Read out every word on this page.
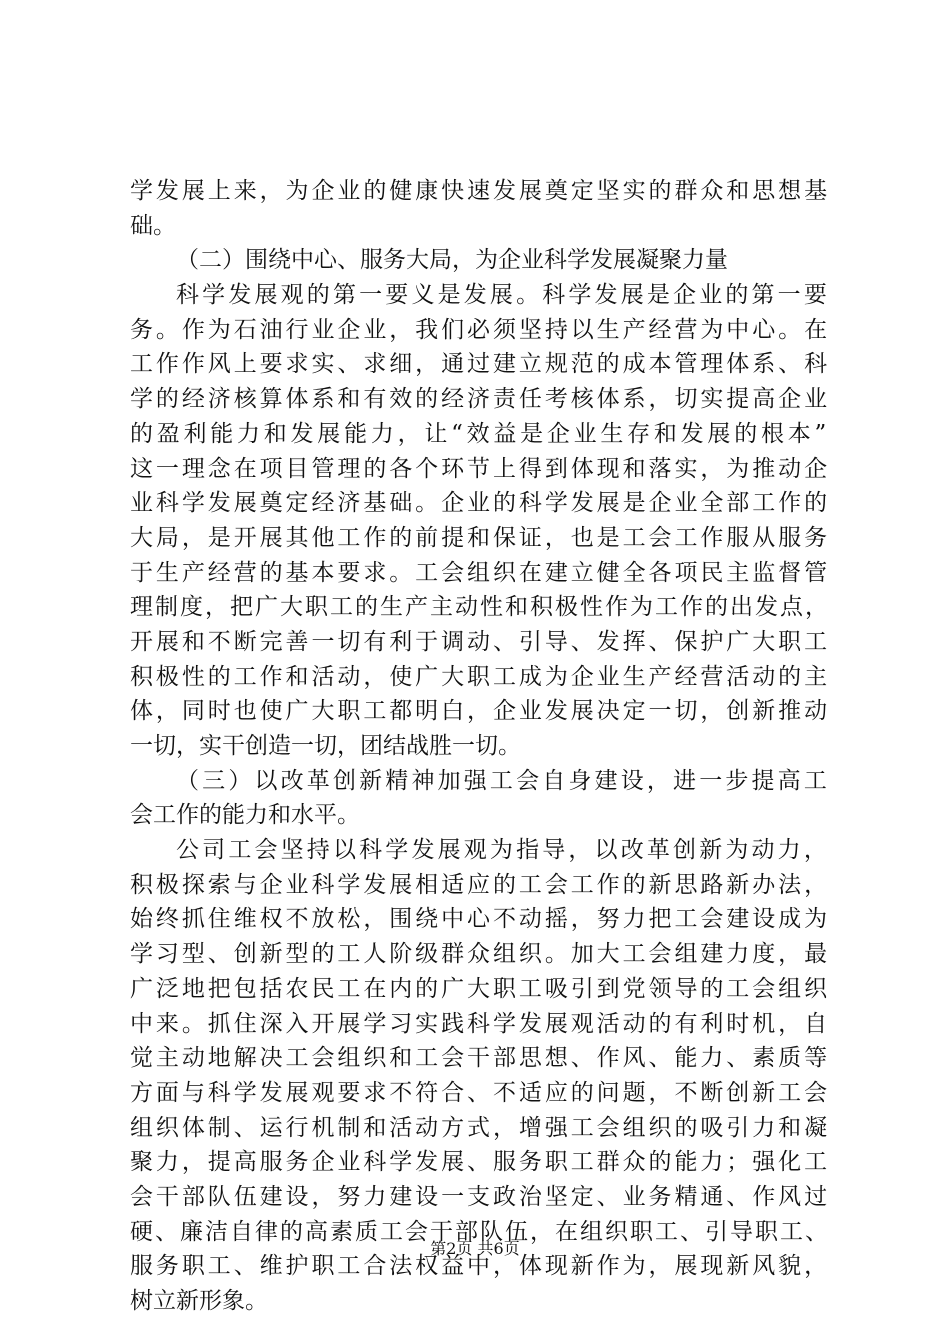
学发展上来，为企业的健康快速发展奠定坚实的群众和思想基
础。
（二）围绕中心、服务大局，为企业科学发展凝聚力量
科学发展观的第一要义是发展。科学发展是企业的第一要
务。作为石油行业企业，我们必须坚持以生产经营为中心。在
工作作风上要求实、求细，通过建立规范的成本管理体系、科
学的经济核算体系和有效的经济责任考核体系，切实提高企业
的盈利能力和发展能力，让“效益是企业生存和发展的根本”
这一理念在项目管理的各个环节上得到体现和落实，为推动企
业科学发展奠定经济基础。企业的科学发展是企业全部工作的
大局，是开展其他工作的前提和保证，也是工会工作服从服务
于生产经营的基本要求。工会组织在建立健全各项民主监督管
理制度，把广大职工的生产主动性和积极性作为工作的出发点，
开展和不断完善一切有利于调动、引导、发挥、保护广大职工
积极性的工作和活动，使广大职工成为企业生产经营活动的主
体，同时也使广大职工都明白，企业发展决定一切，创新推动
一切，实干创造一切，团结战胜一切。
（三）以改革创新精神加强工会自身建设，进一步提高工
会工作的能力和水平。
公司工会坚持以科学发展观为指导，以改革创新为动力，
积极探索与企业科学发展相适应的工会工作的新思路新办法，
始终抓住维权不放松，围绕中心不动摇，努力把工会建设成为
学习型、创新型的工人阶级群众组织。加大工会组建力度，最
广泛地把包括农民工在内的广大职工吸引到党领导的工会组织
中来。抓住深入开展学习实践科学发展观活动的有利时机，自
觉主动地解决工会组织和工会干部思想、作风、能力、素质等
方面与科学发展观要求不符合、不适应的问题，不断创新工会
组织体制、运行机制和活动方式，增强工会组织的吸引力和凝
聚力，提高服务企业科学发展、服务职工群众的能力；强化工
会干部队伍建设，努力建设一支政治坚定、业务精通、作风过
硬、廉洁自律的高素质工会干部队伍，在组织职工、引导职工、
服务职工、维护职工合法权益中，体现新作为，展现新风貌，
树立新形象。
第2页 共6页
